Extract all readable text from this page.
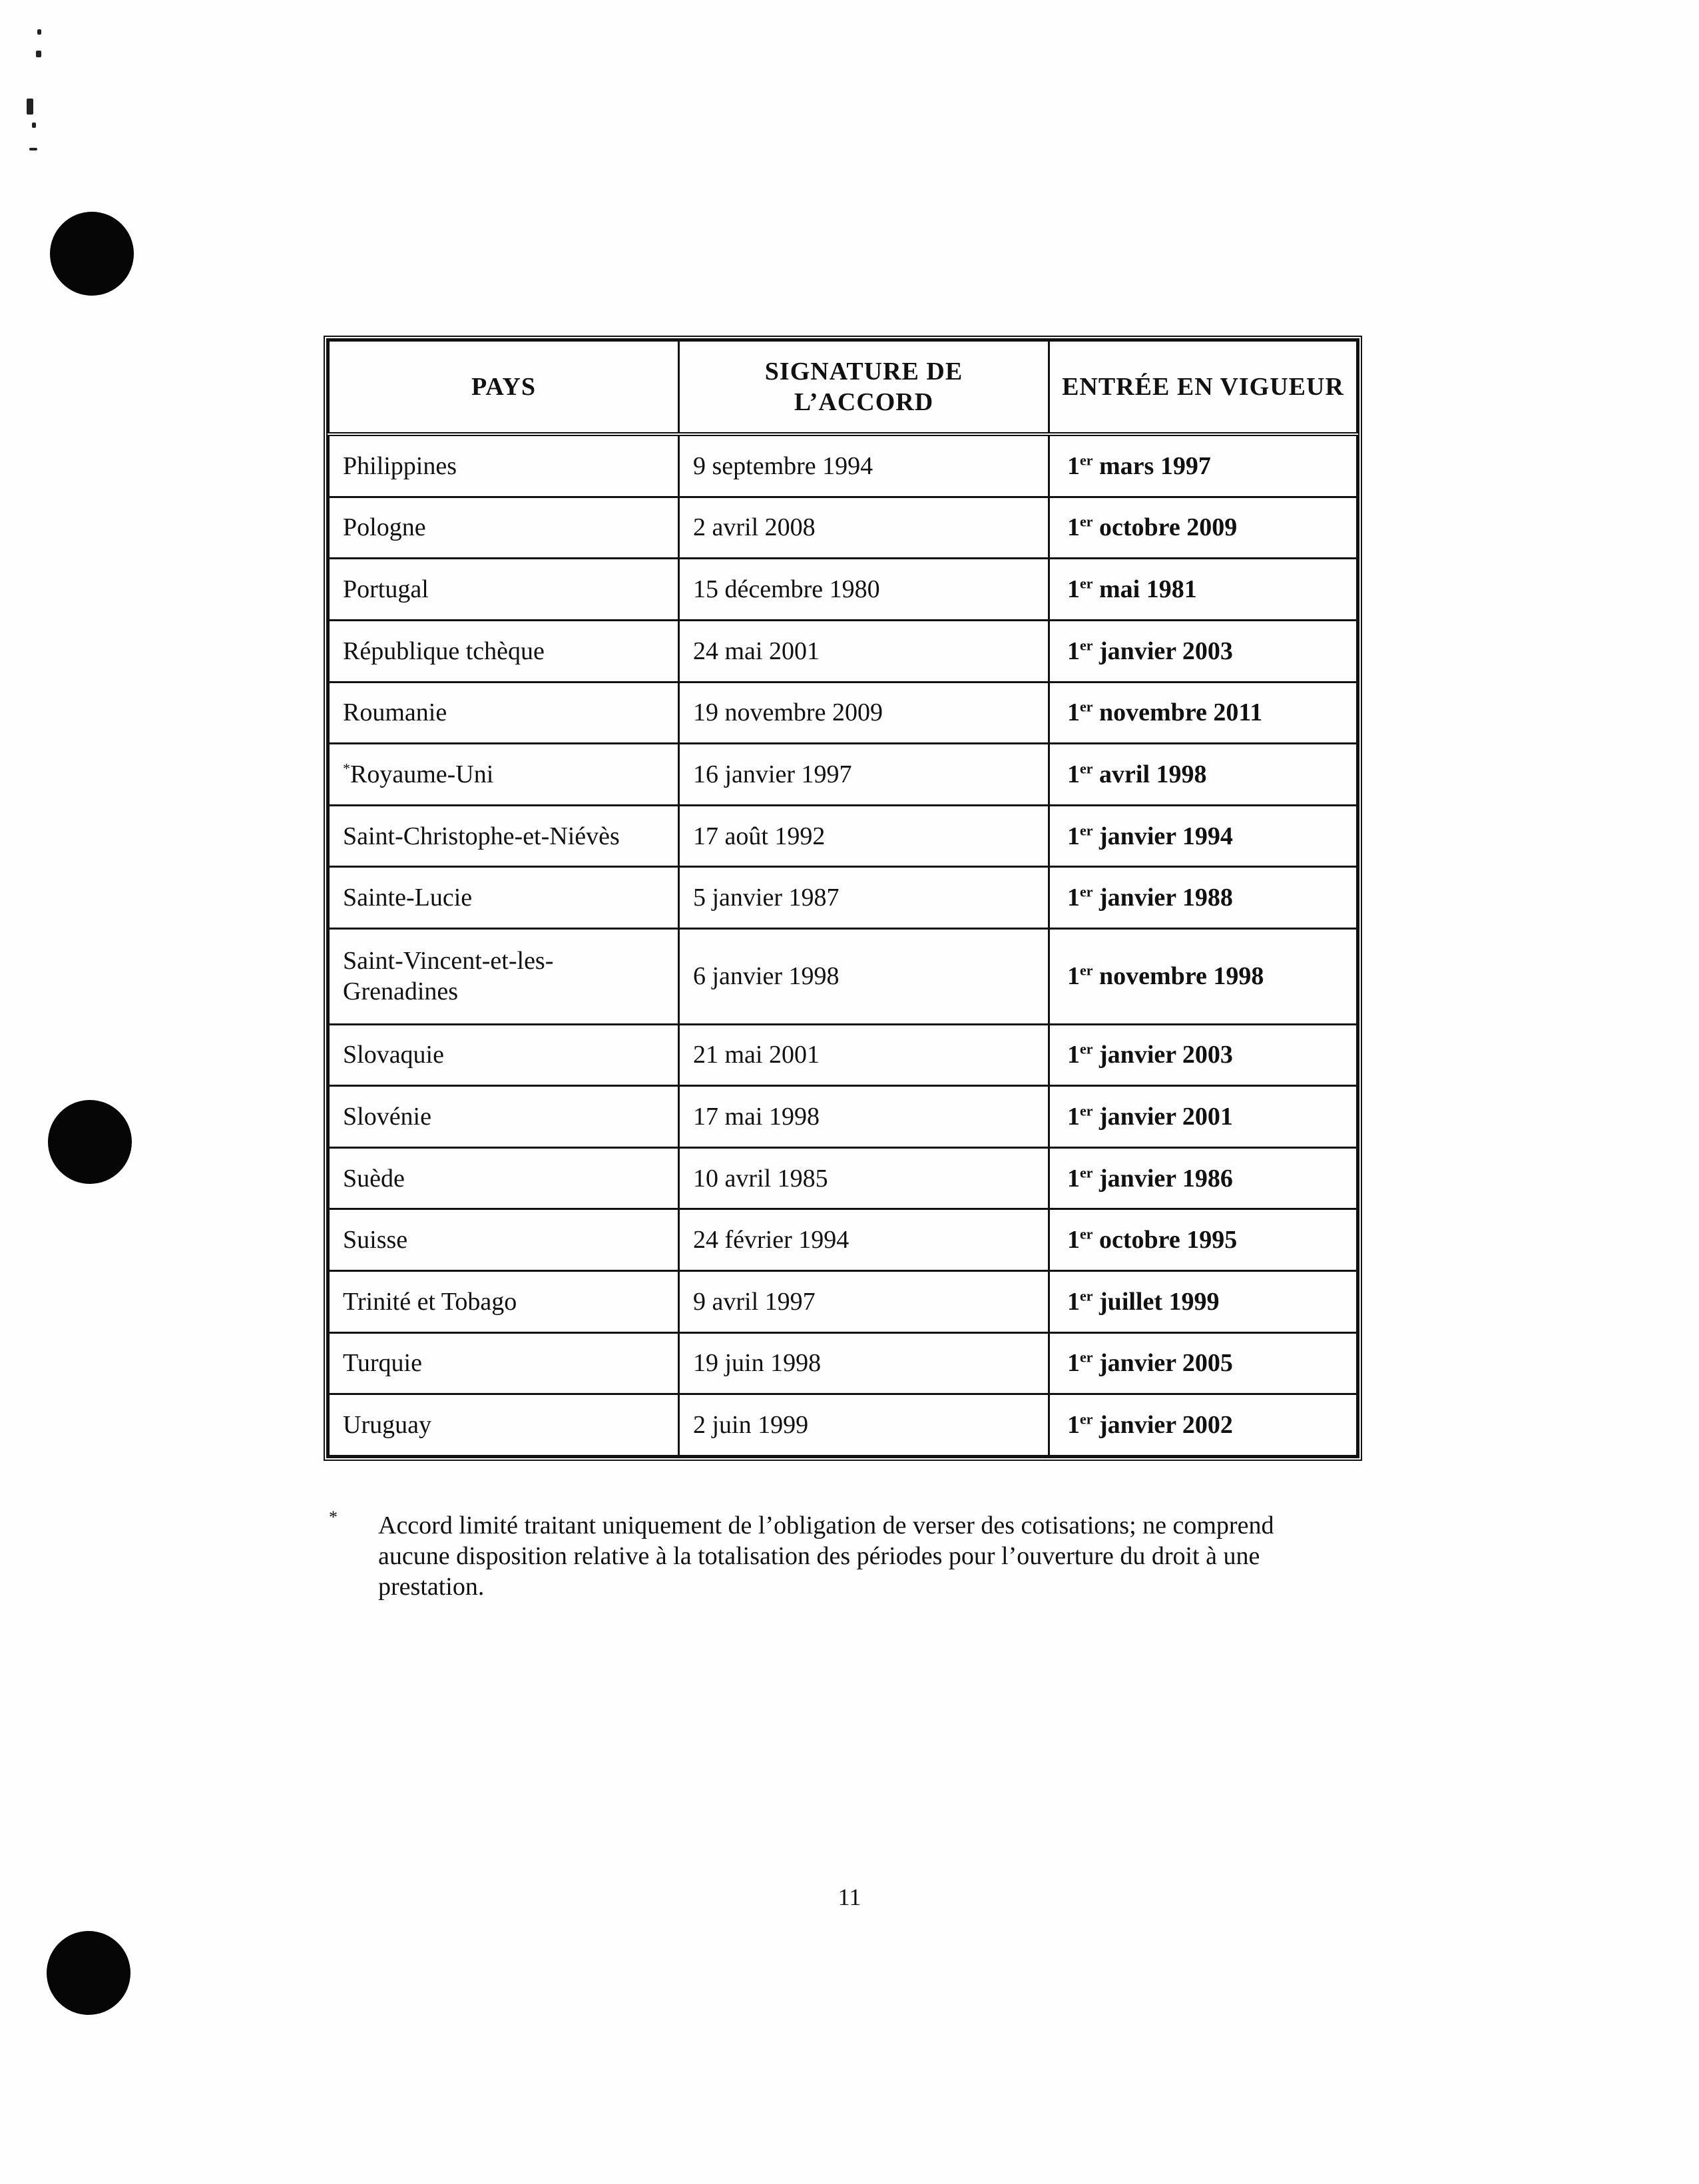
PAYS	SIGNATURE DE L’ACCORD	ENTRÉE EN VIGUEUR
Philippines	9 septembre 1994	1er mars 1997
Pologne	2 avril 2008	1er octobre 2009
Portugal	15 décembre 1980	1er mai 1981
République tchèque	24 mai 2001	1er janvier 2003
Roumanie	19 novembre 2009	1er novembre 2011
*Royaume-Uni	16 janvier 1997	1er avril 1998
Saint-Christophe-et-Niévès	17 août 1992	1er janvier 1994
Sainte-Lucie	5 janvier 1987	1er janvier 1988
Saint-Vincent-et-les-Grenadines	6 janvier 1998	1er novembre 1998
Slovaquie	21 mai 2001	1er janvier 2003
Slovénie	17 mai 1998	1er janvier 2001
Suède	10 avril 1985	1er janvier 1986
Suisse	24 février 1994	1er octobre 1995
Trinité et Tobago	9 avril 1997	1er juillet 1999
Turquie	19 juin 1998	1er janvier 2005
Uruguay	2 juin 1999	1er janvier 2002
* Accord limité traitant uniquement de l’obligation de verser des cotisations; ne comprend aucune disposition relative à la totalisation des périodes pour l’ouverture du droit à une prestation.
11
